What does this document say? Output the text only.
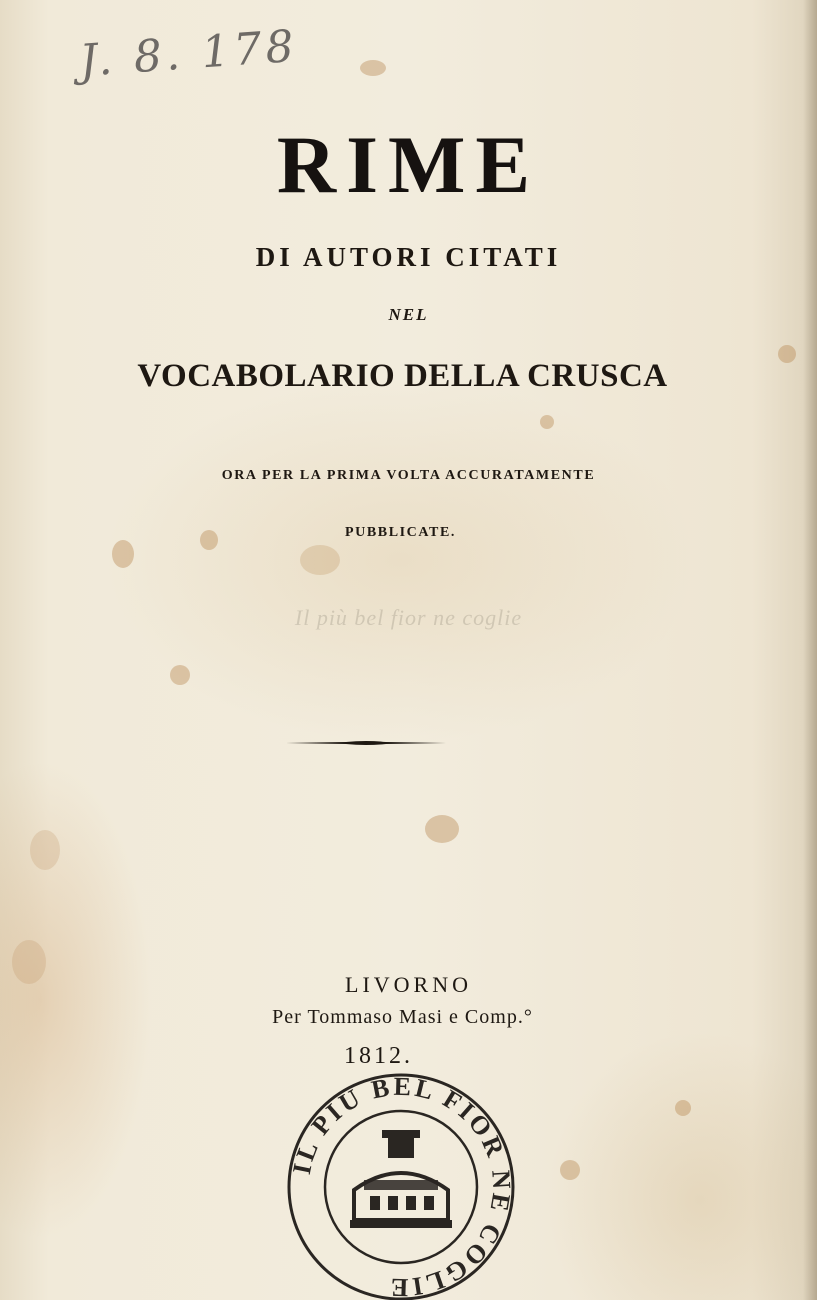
J. 8. 178
RIME
DI AUTORI CITATI
NEL
VOCABOLARIO DELLA CRUSCA
ORA PER LA PRIMA VOLTA ACCURATAMENTE
PUBBLICATE.
Il più bel fior ne coglie
LIVORNO
Per Tommaso Masi e Comp.°
1812.
IL PIU BEL FIOR NE COGLIE
